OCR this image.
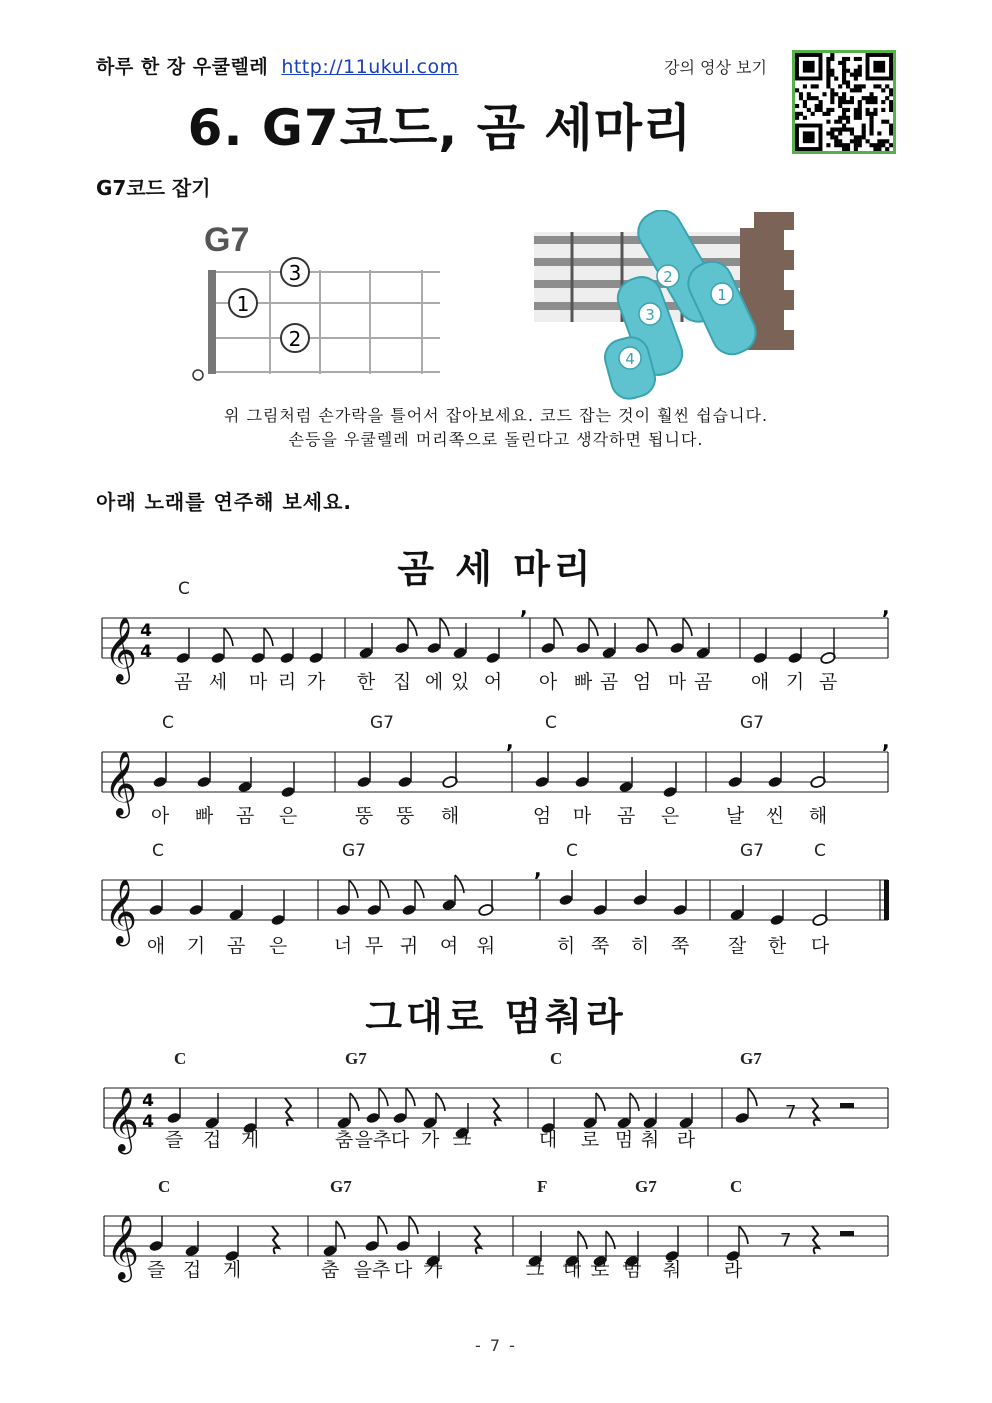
하루 한 장 우쿨렐레 http://11ukul.com	강의 영상 보기
6. G7코드, 곰 세마리
G7코드 잡기
G7
3
1
2
2
1
3
4
위 그림처럼 손가락을 틀어서 잡아보세요. 코드 잡는 것이 훨씬 쉽습니다.
손등을 우쿨렐레 머리쪽으로 돌린다고 생각하면 됩니다.
아래 노래를 연주해 보세요.
곰 세 마리
그대로 멈춰라
𝄞 4
4
,	,
C
곰 세 마 리 가 한 집 에 있 어 아 빠 곰 엄 마 곰 애 기 곰
𝄞
,	,
C	G7	C	G7
아 빠 곰 은	뚱 뚱 해	엄 마 곰 은 날 씬 해
𝄞
,
C	G7	C	G7	C
애 기 곰 은 너 무 귀 여 워	히 쭉 히 쭉 잘 한 다
𝄞 4
4
C	G7	C	G7
7
즐 겁 게	춤 을추 다 가 그	대 로 멈 춰 라
𝄞
C	G7	F	G7	C
7
즐 겁 게	춤 을추 다 가	그 대 로 멈 춰 라
- 7 -
